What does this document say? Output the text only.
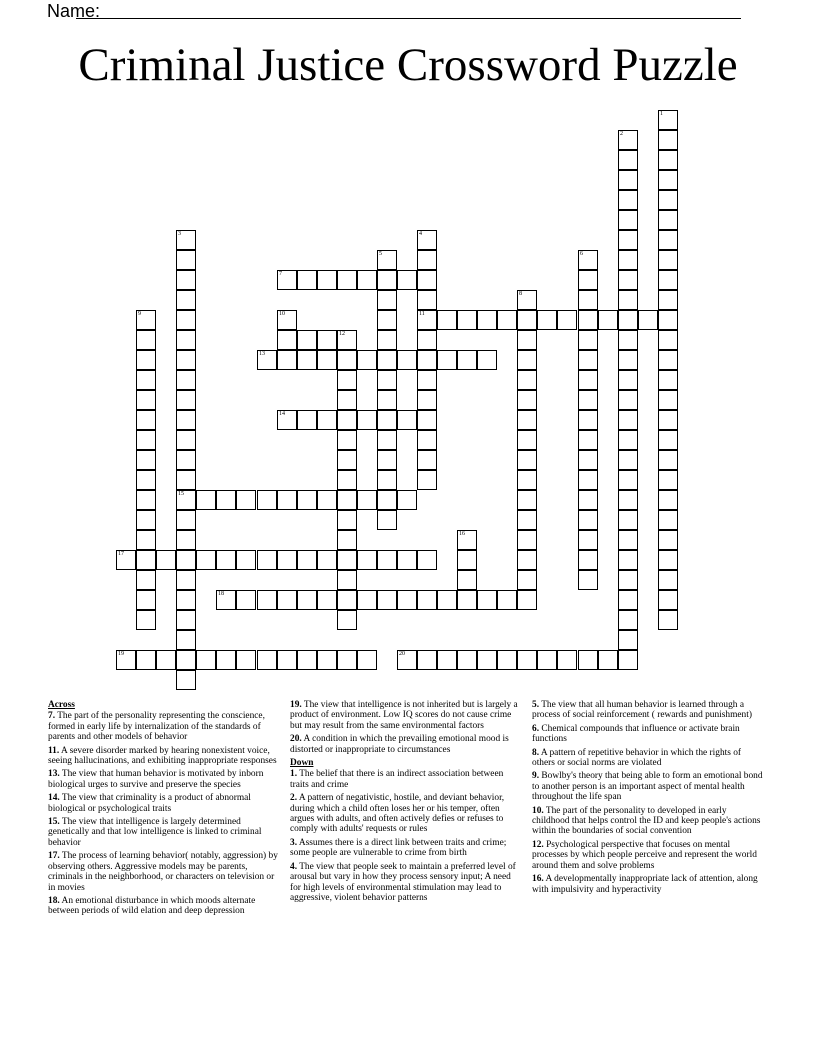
Name:
Criminal Justice Crossword Puzzle
1
2
3	4
5	6
7
8
9	10	11
12
13
14
15
16
17
18
19	20
Across
7. The part of the personality representing the conscience, formed in early life by internalization of the standards of parents and other models of behavior
11. A severe disorder marked by hearing nonexistent voice, seeing hallucinations, and exhibiting inappropriate responses
13. The view that human behavior is motivated by inborn biological urges to survive and preserve the species
14. The view that criminality is a product of abnormal biological or psychological traits
15. The view that intelligence is largely determined genetically and that low intelligence is linked to criminal behavior
17. The process of learning behavior( notably, aggression) by observing others. Aggressive models may be parents, criminals in the neighborhood, or characters on television or in movies
18. An emotional disturbance in which moods alternate between periods of wild elation and deep depression
19. The view that intelligence is not inherited but is largely a product of environment. Low IQ scores do not cause crime but may result from the same environmental factors
20. A condition in which the prevailing emotional mood is distorted or inappropriate to circumstances
Down
1. The belief that there is an indirect association between traits and crime
2. A pattern of negativistic, hostile, and deviant behavior, during which a child often loses her or his temper, often argues with adults, and often actively defies or refuses to comply with adults' requests or rules
3. Assumes there is a direct link between traits and crime; some people are vulnerable to crime from birth
4. The view that people seek to maintain a preferred level of arousal but vary in how they process sensory input; A need for high levels of environmental stimulation may lead to aggressive, violent behavior patterns
5. The view that all human behavior is learned through a process of social reinforcement ( rewards and punishment)
6. Chemical compounds that influence or activate brain functions
8. A pattern of repetitive behavior in which the rights of others or social norms are violated
9. Bowlby's theory that being able to form an emotional bond to another person is an important aspect of mental health throughout the life span
10. The part of the personality to developed in early childhood that helps control the ID and keep people's actions within the boundaries of social convention
12. Psychological perspective that focuses on mental processes by which people perceive and represent the world around them and solve problems
16. A developmentally inappropriate lack of attention, along with impulsivity and hyperactivity
